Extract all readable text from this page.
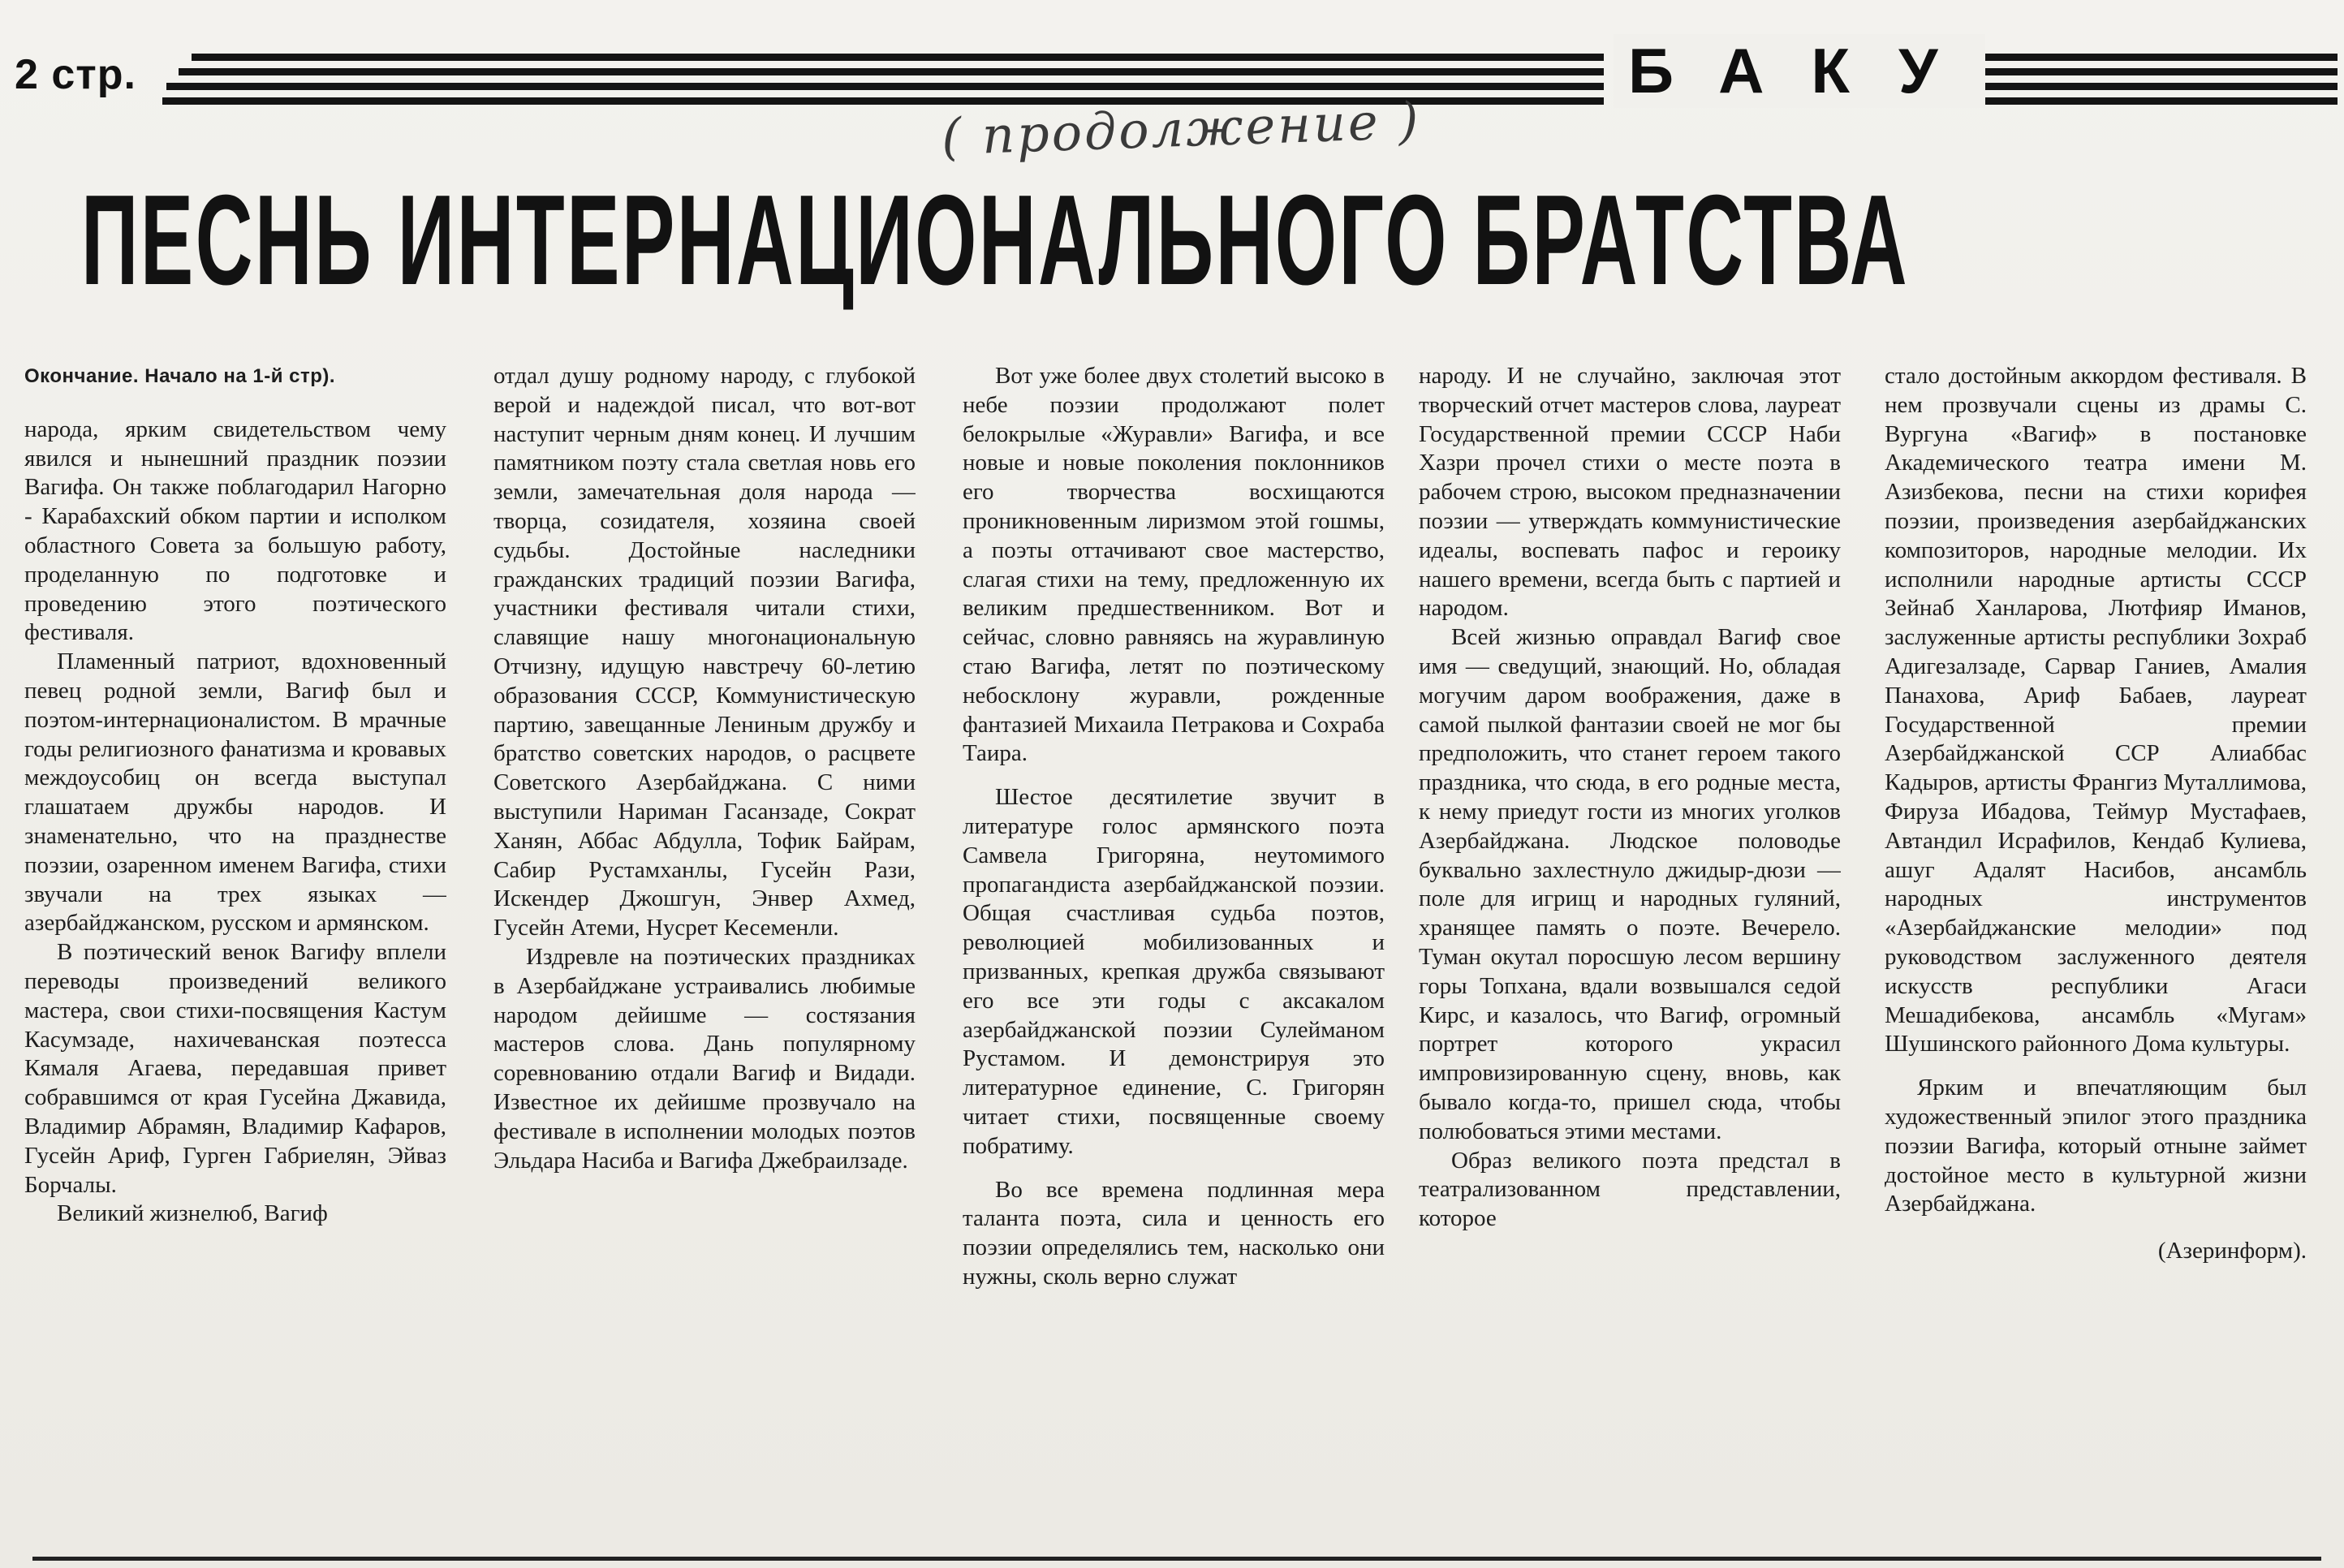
2 стр.	БАКУ
( продолжение )
ПЕСНЬ ИНТЕРНАЦИОНАЛЬНОГО БРАТСТВА

Окончание. Начало на 1-й стр).

народа, ярким свидетельством чему явился и нынешний праздник поэзии Вагифа. Он также поблагодарил Нагорно - Карабахский обком партии и исполком областного Совета за большую работу, проделанную по подготовке и проведению этого поэтического фестиваля.

Пламенный патриот, вдохновенный певец родной земли, Вагиф был и поэтом-интернационалистом. В мрачные годы религиозного фанатизма и кровавых междоусобиц он всегда выступал глашатаем дружбы народов. И знаменательно, что на празднестве поэзии, озаренном именем Вагифа, стихи звучали на трех языках — азербайджанском, русском и армянском.

В поэтический венок Вагифу вплели переводы произведений великого мастера, свои стихи-посвящения Кастум Касумзаде, нахичеванская поэтесса Кямаля Агаева, передавшая привет собравшимся от края Гусейна Джавида, Владимир Абрамян, Владимир Кафаров, Гусейн Ариф, Гурген Габриелян, Эйваз Борчалы.

Великий жизнелюб, Вагиф

отдал душу родному народу, с глубокой верой и надеждой писал, что вот-вот наступит черным дням конец. И лучшим памятником поэту стала светлая новь его земли, замечательная доля народа — творца, созидателя, хозяина своей судьбы. Достойные наследники гражданских традиций поэзии Вагифа, участники фестиваля читали стихи, славящие нашу многонациональную Отчизну, идущую навстречу 60-летию образования СССР, Коммунистическую партию, завещанные Лениным дружбу и братство советских народов, о расцвете Советского Азербайджана. С ними выступили Нариман Гасанзаде, Сократ Ханян, Аббас Абдулла, Тофик Байрам, Сабир Рустамханлы, Гусейн Рази, Искендер Джошгун, Энвер Ахмед, Гусейн Атеми, Нусрет Кесеменли.

Издревле на поэтических праздниках в Азербайджане устраивались любимые народом дейишме — состязания мастеров слова. Дань популярному соревнованию отдали Вагиф и Видади. Известное их дейишме прозвучало на фестивале в исполнении молодых поэтов Эльдара Насиба и Вагифа Джебраилзаде.

Вот уже более двух столетий высоко в небе поэзии продолжают полет белокрылые «Журавли» Вагифа, и все новые и новые поколения поклонников его творчества восхищаются проникновенным лиризмом этой гошмы, а поэты оттачивают свое мастерство, слагая стихи на тему, предложенную их великим предшественником. Вот и сейчас, словно равняясь на журавлиную стаю Вагифа, летят по поэтическому небосклону журавли, рожденные фантазией Михаила Петракова и Сохраба Таира.

Шестое десятилетие звучит в литературе голос армянского поэта Самвела Григоряна, неутомимого пропагандиста азербайджанской поэзии. Общая счастливая судьба поэтов, революцией мобилизованных и призванных, крепкая дружба связывают его все эти годы с аксакалом азербайджанской поэзии Сулейманом Рустамом. И демонстрируя это литературное единение, С. Григорян читает стихи, посвященные своему побратиму.

Во все времена подлинная мера таланта поэта, сила и ценность его поэзии определялись тем, насколько они нужны, сколь верно служат

народу. И не случайно, заключая этот творческий отчет мастеров слова, лауреат Государственной премии СССР Наби Хазри прочел стихи о месте поэта в рабочем строю, высоком предназначении поэзии — утверждать коммунистические идеалы, воспевать пафос и героику нашего времени, всегда быть с партией и народом.

Всей жизнью оправдал Вагиф свое имя — сведущий, знающий. Но, обладая могучим даром воображения, даже в самой пылкой фантазии своей не мог бы предположить, что станет героем такого праздника, что сюда, в его родные места, к нему приедут гости из многих уголков Азербайджана. Людское половодье буквально захлестнуло джидыр-дюзи — поле для игрищ и народных гуляний, хранящее память о поэте. Вечерело. Туман окутал поросшую лесом вершину горы Топхана, вдали возвышался седой Кирс, и казалось, что Вагиф, огромный портрет которого украсил импровизированную сцену, вновь, как бывало когда-то, пришел сюда, чтобы полюбоваться этими местами.

Образ великого поэта предстал в театрализованном представлении, которое

стало достойным аккордом фестиваля. В нем прозвучали сцены из драмы С. Вургуна «Вагиф» в постановке Академического театра имени М. Азизбекова, песни на стихи корифея поэзии, произведения азербайджанских композиторов, народные мелодии. Их исполнили народные артисты СССР Зейнаб Ханларова, Лютфияр Иманов, заслуженные артисты республики Зохраб Адигезалзаде, Сарвар Ганиев, Амалия Панахова, Ариф Бабаев, лауреат Государственной премии Азербайджанской ССР Алиаббас Кадыров, артисты Франгиз Муталлимова, Фируза Ибадова, Теймур Мустафаев, Автандил Исрафилов, Кендаб Кулиева, ашуг Адалят Насибов, ансамбль народных инструментов «Азербайджанские мелодии» под руководством заслуженного деятеля искусств республики Агаси Мешадибекова, ансамбль «Мугам» Шушинского районного Дома культуры.

Ярким и впечатляющим был художественный эпилог этого праздника поэзии Вагифа, который отныне займет достойное место в культурной жизни Азербайджана.

(Азеринформ).
